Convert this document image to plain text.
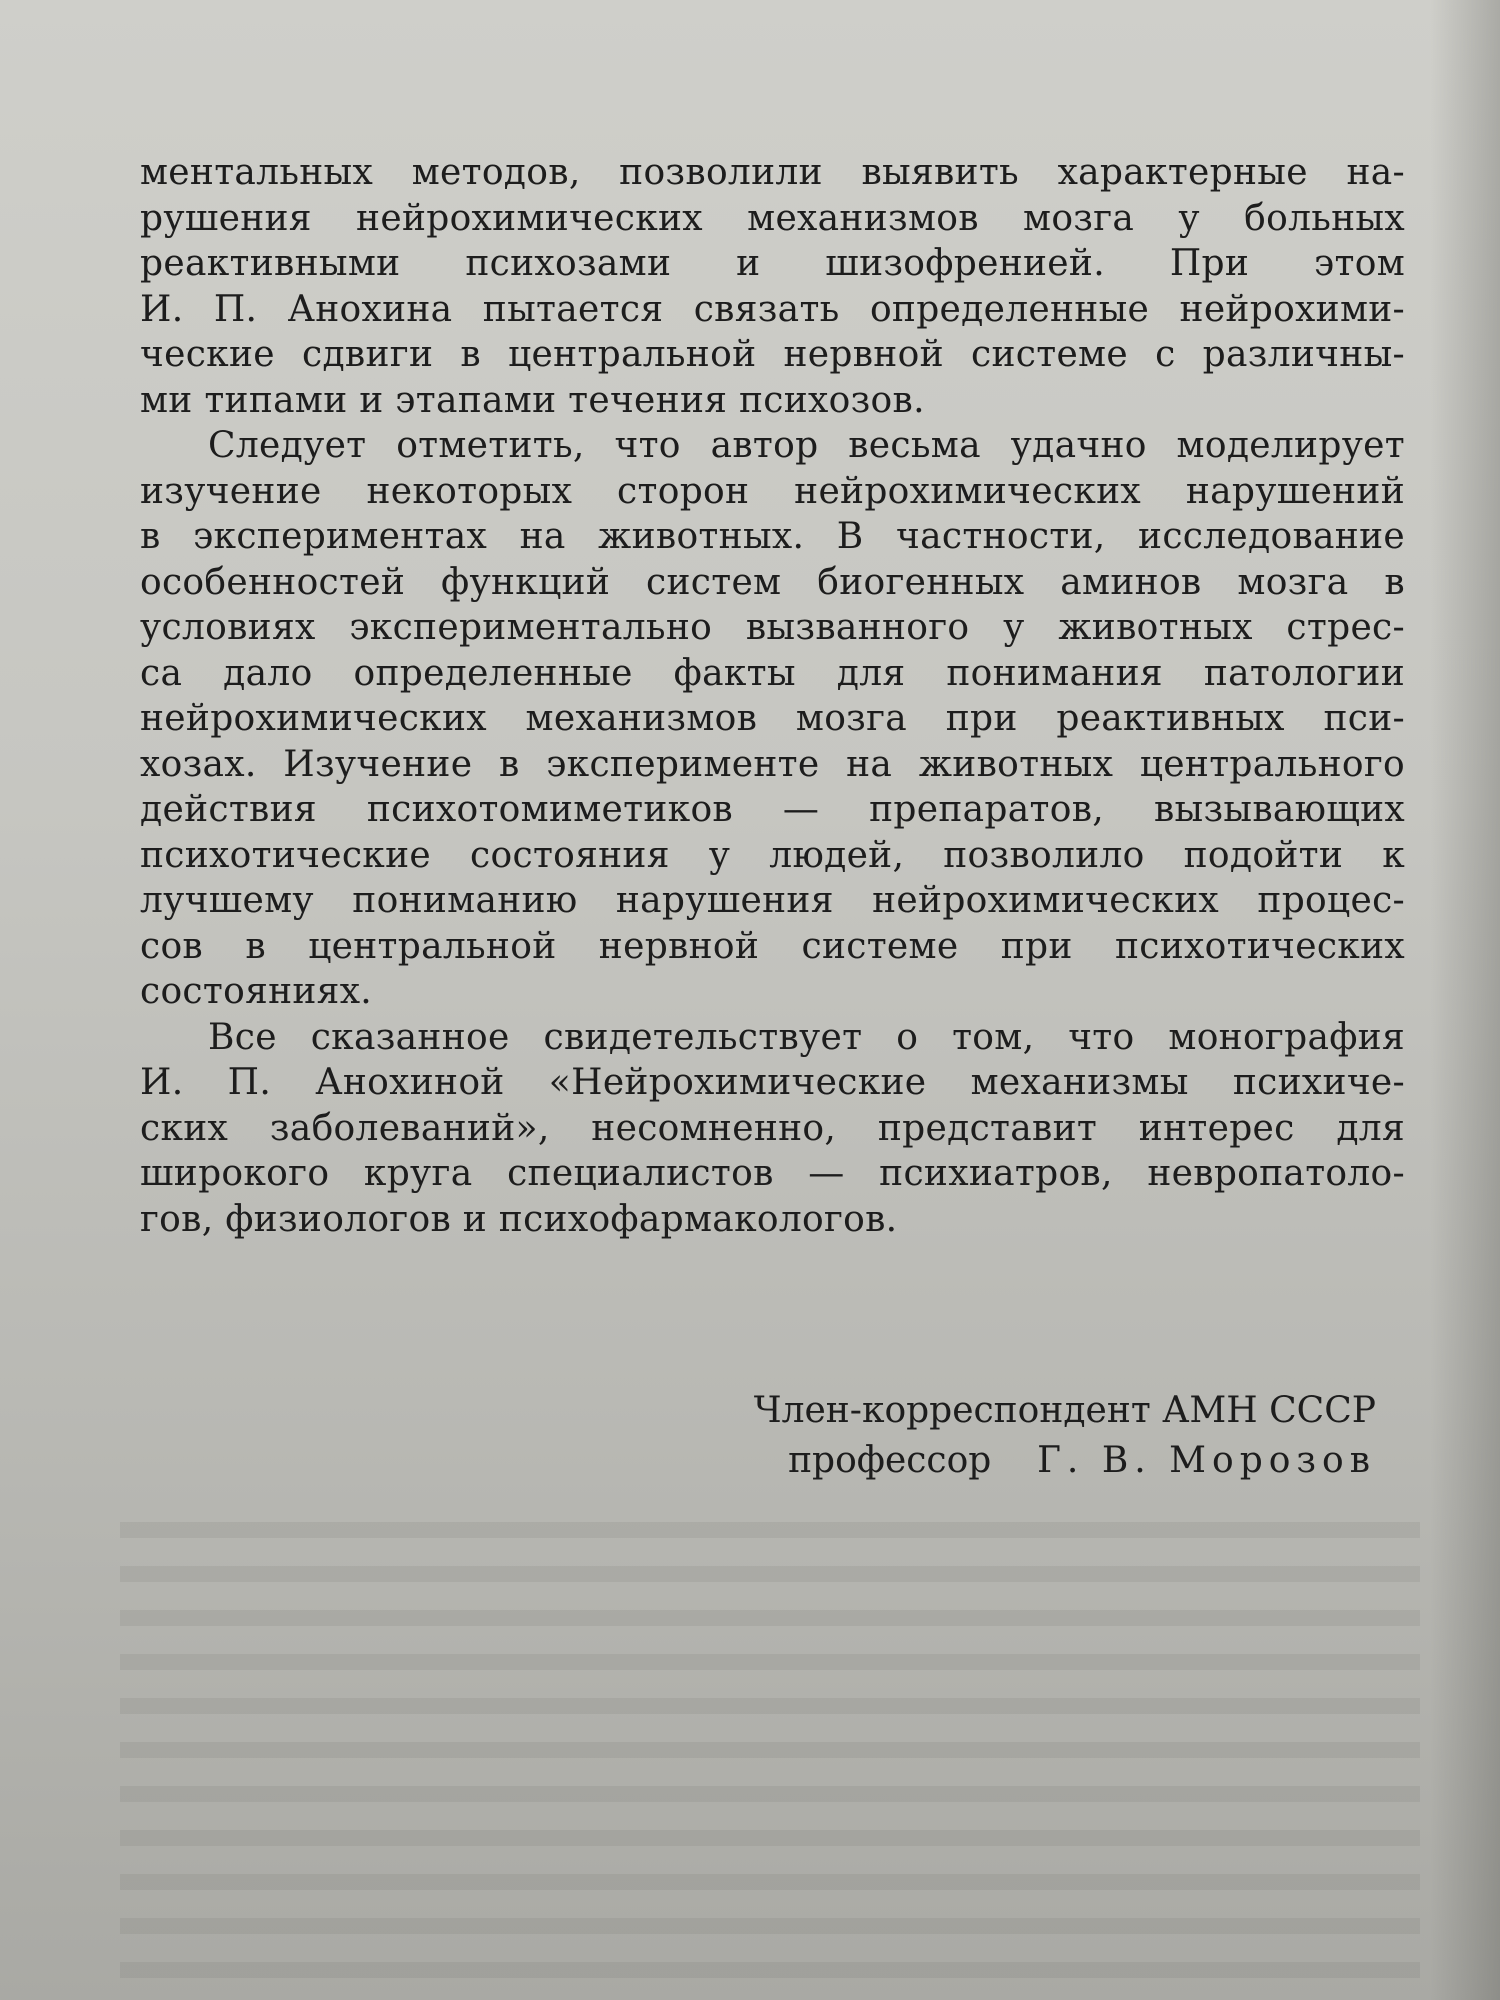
ментальных методов, позволили выявить характерные на-
рушения нейрохимических механизмов мозга у больных
реактивными психозами и шизофренией. При этом
И. П. Анохина пытается связать определенные нейрохими-
ческие сдвиги в центральной нервной системе с различны-
ми типами и этапами течения психозов.
Следует отметить, что автор весьма удачно моделирует
изучение некоторых сторон нейрохимических нарушений
в экспериментах на животных. В частности, исследование
особенностей функций систем биогенных аминов мозга в
условиях экспериментально вызванного у животных стрес-
са дало определенные факты для понимания патологии
нейрохимических механизмов мозга при реактивных пси-
хозах. Изучение в эксперименте на животных центрального
действия психотомиметиков — препаратов, вызывающих
психотические состояния у людей, позволило подойти к
лучшему пониманию нарушения нейрохимических процес-
сов в центральной нервной системе при психотических
состояниях.
Все сказанное свидетельствует о том, что монография
И. П. Анохиной «Нейрохимические механизмы психиче-
ских заболеваний», несомненно, представит интерес для
широкого круга специалистов — психиатров, невропатоло-
гов, физиологов и психофармакологов.
Член-корреспондент АМН СССР
профессор Г. В. Морозов
